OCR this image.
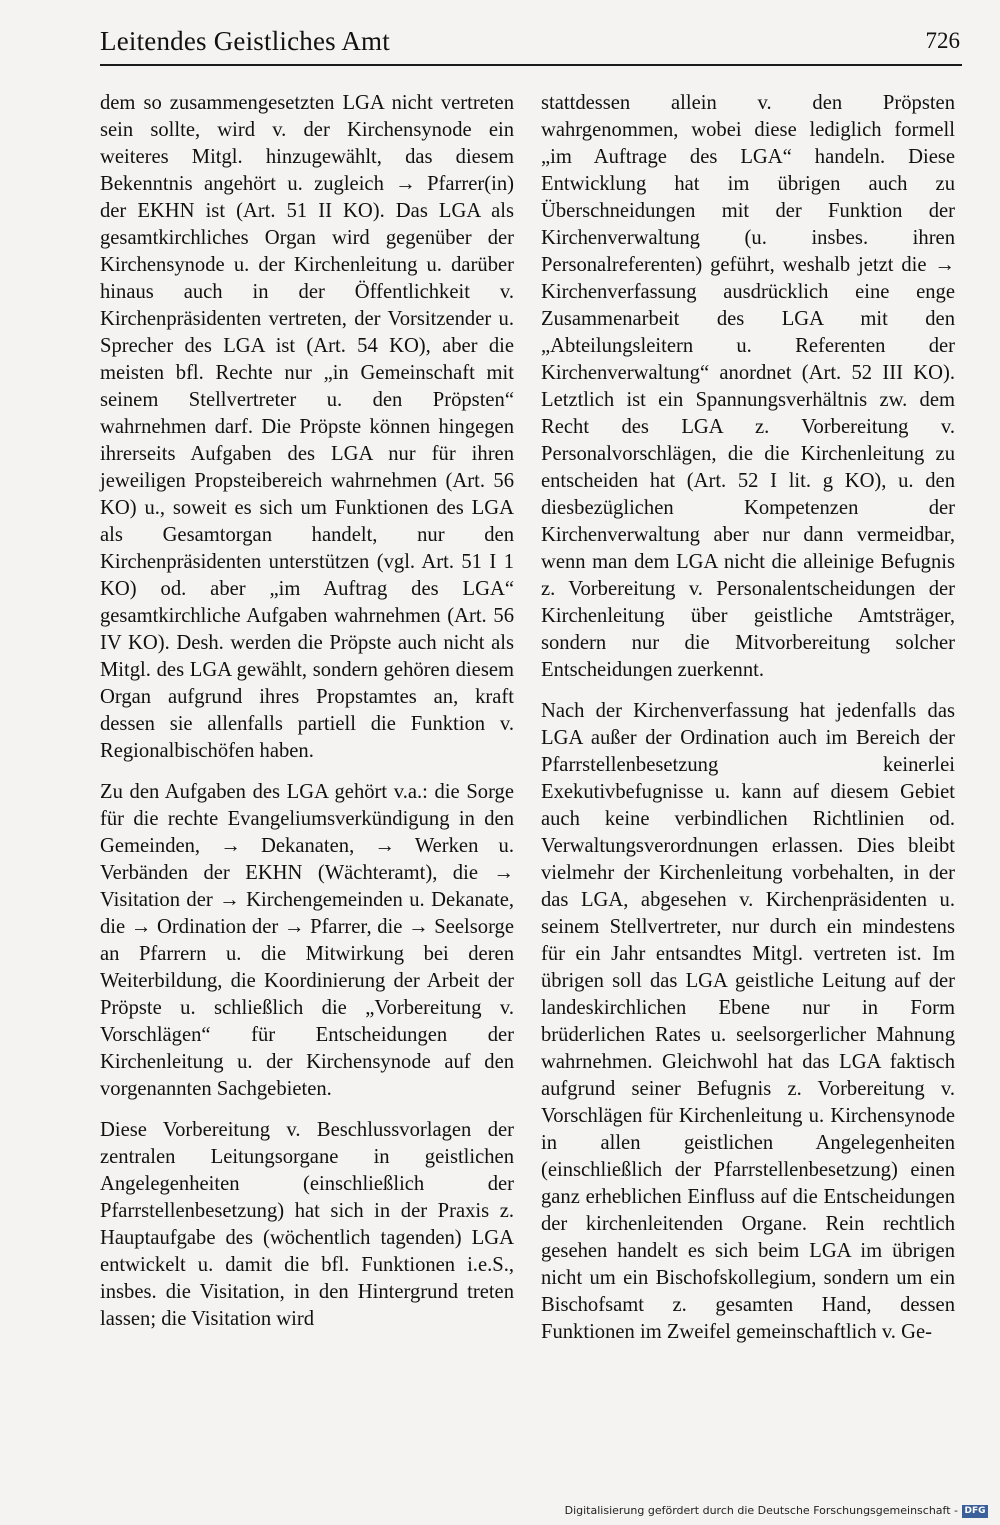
Leitendes Geistliches Amt	726

dem so zusammengesetzten LGA nicht vertreten sein sollte, wird v. der Kirchensynode ein weiteres Mitgl. hinzugewählt, das diesem Bekenntnis angehört u. zugleich → Pfarrer(in) der EKHN ist (Art. 51 II KO). Das LGA als gesamtkirchliches Organ wird gegenüber der Kirchensynode u. der Kirchenleitung u. darüber hinaus auch in der Öffentlichkeit v. Kirchenpräsidenten vertreten, der Vorsitzender u. Sprecher des LGA ist (Art. 54 KO), aber die meisten bfl. Rechte nur „in Gemeinschaft mit seinem Stellvertreter u. den Pröpsten“ wahrnehmen darf. Die Pröpste können hingegen ihrerseits Aufgaben des LGA nur für ihren jeweiligen Propsteibereich wahrnehmen (Art. 56 KO) u., soweit es sich um Funktionen des LGA als Gesamtorgan handelt, nur den Kirchenpräsidenten unterstützen (vgl. Art. 51 I 1 KO) od. aber „im Auftrag des LGA“ gesamtkirchliche Aufgaben wahrnehmen (Art. 56 IV KO). Desh. werden die Pröpste auch nicht als Mitgl. des LGA gewählt, sondern gehören diesem Organ aufgrund ihres Propstamtes an, kraft dessen sie allenfalls partiell die Funktion v. Regionalbischöfen haben.

Zu den Aufgaben des LGA gehört v.a.: die Sorge für die rechte Evangeliumsverkündigung in den Gemeinden, → Dekanaten, → Werken u. Verbänden der EKHN (Wächteramt), die → Visitation der → Kirchengemeinden u. Dekanate, die → Ordination der → Pfarrer, die → Seelsorge an Pfarrern u. die Mitwirkung bei deren Weiterbildung, die Koordinierung der Arbeit der Pröpste u. schließlich die „Vorbereitung v. Vorschlägen“ für Entscheidungen der Kirchenleitung u. der Kirchensynode auf den vorgenannten Sachgebieten.

Diese Vorbereitung v. Beschlussvorlagen der zentralen Leitungsorgane in geistlichen Angelegenheiten (einschließlich der Pfarrstellenbesetzung) hat sich in der Praxis z. Hauptaufgabe des (wöchentlich tagenden) LGA entwickelt u. damit die bfl. Funktionen i.e.S., insbes. die Visitation, in den Hintergrund treten lassen; die Visitation wird

stattdessen allein v. den Pröpsten wahrgenommen, wobei diese lediglich formell „im Auftrage des LGA“ handeln. Diese Entwicklung hat im übrigen auch zu Überschneidungen mit der Funktion der Kirchenverwaltung (u. insbes. ihren Personalreferenten) geführt, weshalb jetzt die → Kirchenverfassung ausdrücklich eine enge Zusammenarbeit des LGA mit den „Abteilungsleitern u. Referenten der Kirchenverwaltung“ anordnet (Art. 52 III KO). Letztlich ist ein Spannungsverhältnis zw. dem Recht des LGA z. Vorbereitung v. Personalvorschlägen, die die Kirchenleitung zu entscheiden hat (Art. 52 I lit. g KO), u. den diesbezüglichen Kompetenzen der Kirchenverwaltung aber nur dann vermeidbar, wenn man dem LGA nicht die alleinige Befugnis z. Vorbereitung v. Personalentscheidungen der Kirchenleitung über geistliche Amtsträger, sondern nur die Mitvorbereitung solcher Entscheidungen zuerkennt.

Nach der Kirchenverfassung hat jedenfalls das LGA außer der Ordination auch im Bereich der Pfarrstellenbesetzung keinerlei Exekutivbefugnisse u. kann auf diesem Gebiet auch keine verbindlichen Richtlinien od. Verwaltungsverordnungen erlassen. Dies bleibt vielmehr der Kirchenleitung vorbehalten, in der das LGA, abgesehen v. Kirchenpräsidenten u. seinem Stellvertreter, nur durch ein mindestens für ein Jahr entsandtes Mitgl. vertreten ist. Im übrigen soll das LGA geistliche Leitung auf der landeskirchlichen Ebene nur in Form brüderlichen Rates u. seelsorgerlicher Mahnung wahrnehmen. Gleichwohl hat das LGA faktisch aufgrund seiner Befugnis z. Vorbereitung v. Vorschlägen für Kirchenleitung u. Kirchensynode in allen geistlichen Angelegenheiten (einschließlich der Pfarrstellenbesetzung) einen ganz erheblichen Einfluss auf die Entscheidungen der kirchenleitenden Organe. Rein rechtlich gesehen handelt es sich beim LGA im übrigen nicht um ein Bischofskollegium, sondern um ein Bischofsamt z. gesamten Hand, dessen Funktionen im Zweifel gemeinschaftlich v. Ge-

Digitalisierung gefördert durch die Deutsche Forschungsgemeinschaft - DFG
